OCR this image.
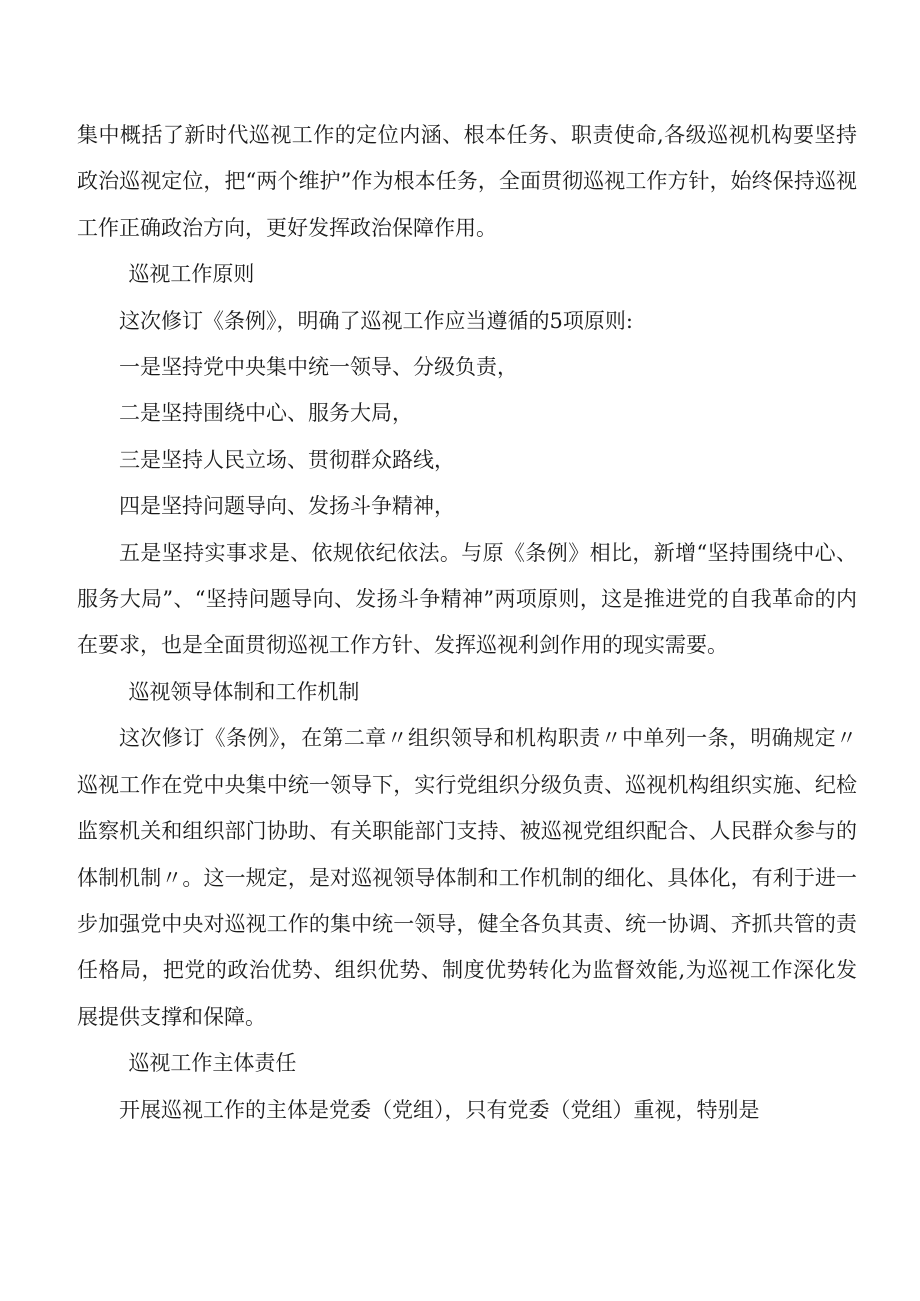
集中概括了新时代巡视工作的定位内涵、根本任务、职责使命,各级巡视机构要坚持政治巡视定位，把“两个维护”作为根本任务，全面贯彻巡视工作方针，始终保持巡视工作正确政治方向，更好发挥政治保障作用。

巡视工作原则

这次修订《条例》，明确了巡视工作应当遵循的5项原则:

一是坚持党中央集中统一领导、分级负责，

二是坚持围绕中心、服务大局，

三是坚持人民立场、贯彻群众路线，

四是坚持问题导向、发扬斗争精神，

五是坚持实事求是、依规依纪依法。与原《条例》相比，新增“坚持围绕中心、服务大局”、“坚持问题导向、发扬斗争精神”两项原则，这是推进党的自我革命的内在要求，也是全面贯彻巡视工作方针、发挥巡视利剑作用的现实需要。

巡视领导体制和工作机制

这次修订《条例》，在第二章〃组织领导和机构职责〃中单列一条，明确规定〃巡视工作在党中央集中统一领导下，实行党组织分级负责、巡视机构组织实施、纪检监察机关和组织部门协助、有关职能部门支持、被巡视党组织配合、人民群众参与的体制机制〃。这一规定，是对巡视领导体制和工作机制的细化、具体化，有利于进一步加强党中央对巡视工作的集中统一领导，健全各负其责、统一协调、齐抓共管的责任格局，把党的政治优势、组织优势、制度优势转化为监督效能,为巡视工作深化发展提供支撑和保障。

巡视工作主体责任

开展巡视工作的主体是党委（党组），只有党委（党组）重视，特别是
